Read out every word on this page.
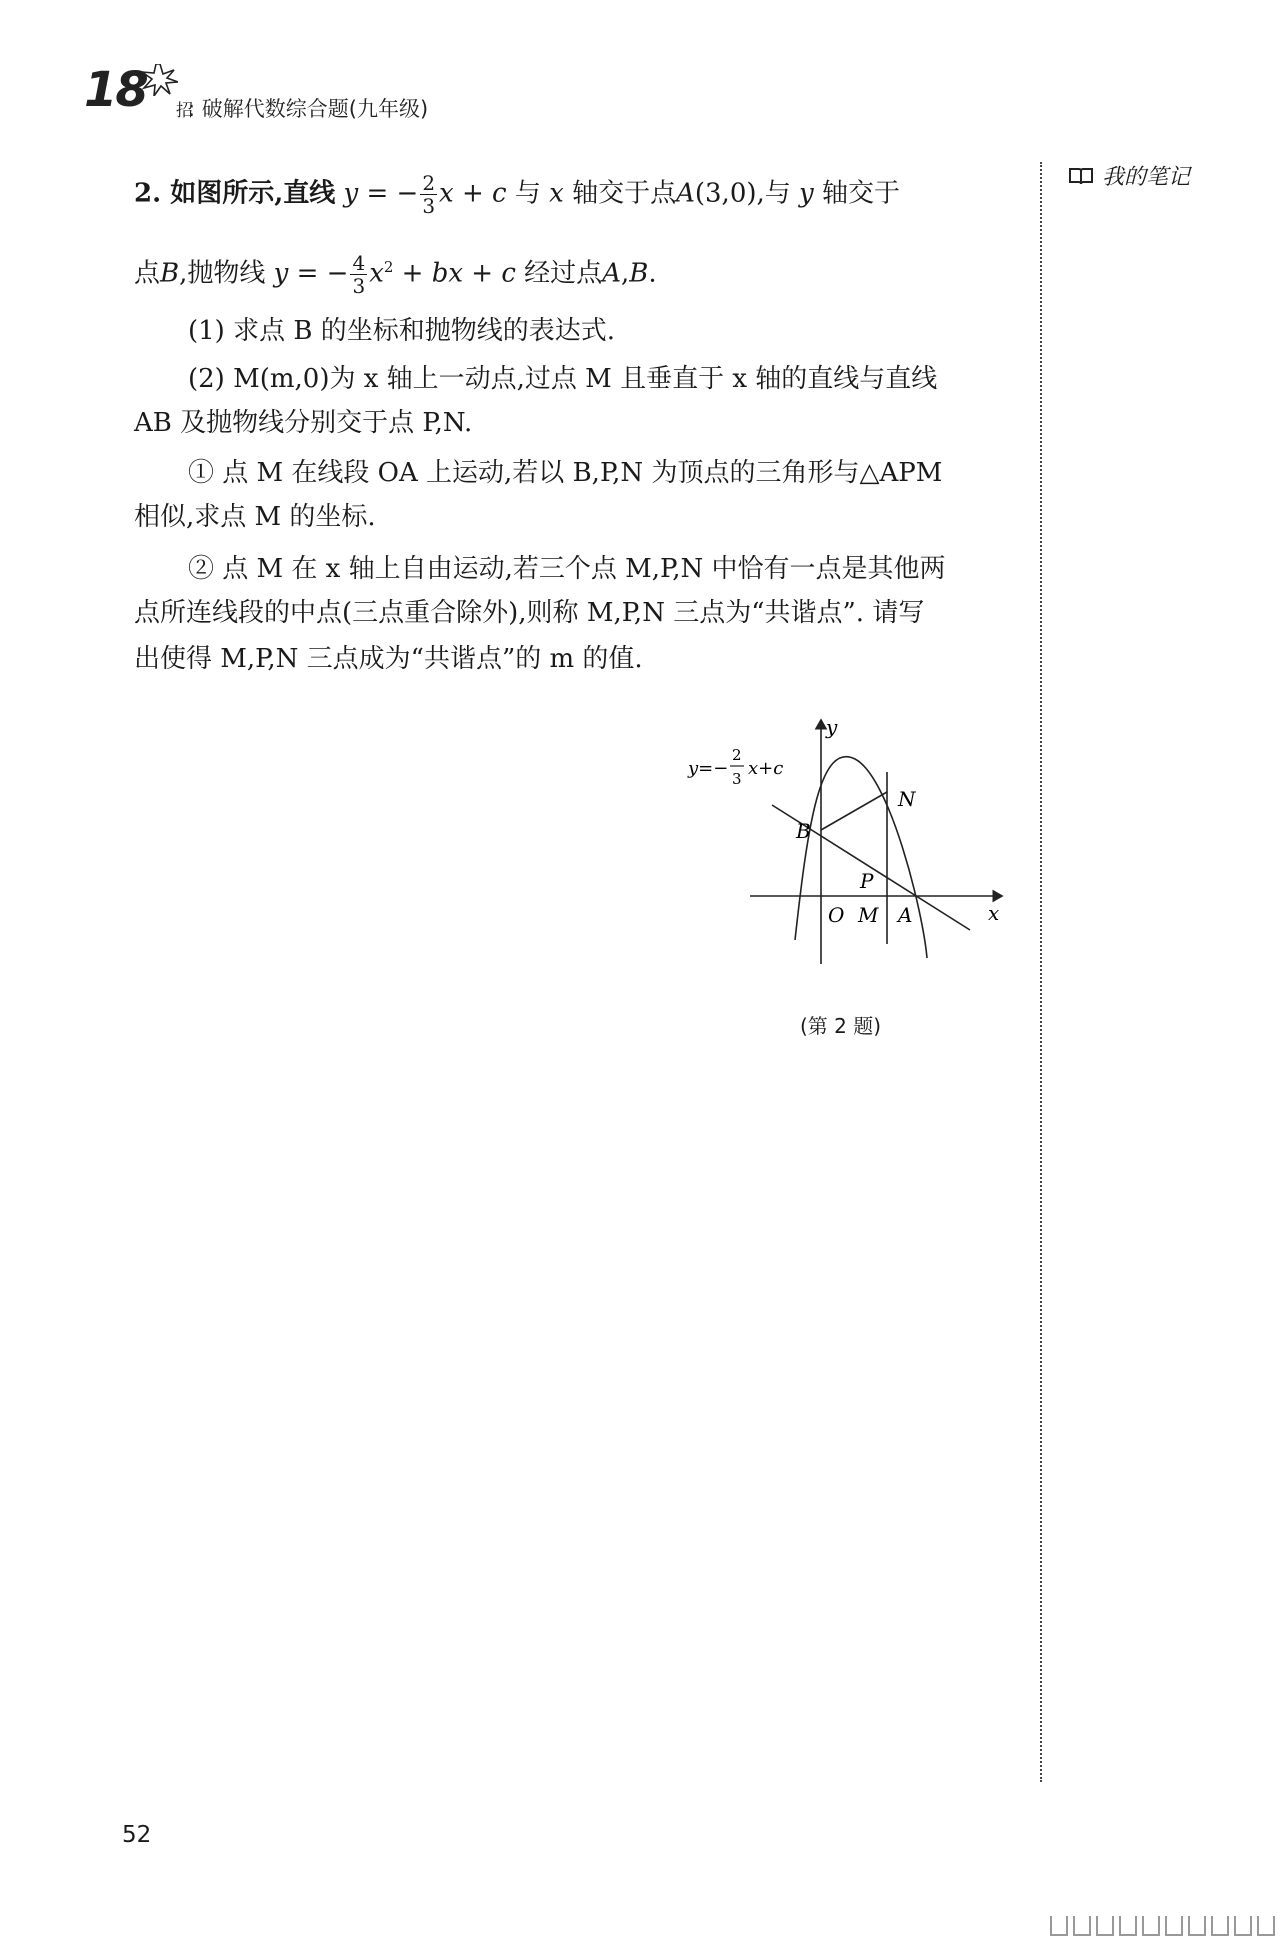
18 招
: 破解代数综合题(九年级)
我的笔记
2. 如图所示,直线 y = − $\frac{2}{3}$ x + c 与 x 轴交于点A(3,0),与 y 轴交于
点B,抛物线 y = − $\frac{4}{3} x^2$ + bx + c 经过点A,B.
(1) 求点 B 的坐标和抛物线的表达式.
(2) M(m,0)为 x 轴上一动点,过点 M 且垂直于 x 轴的直线与直线
AB 及抛物线分别交于点 P,N.
① 点 M 在线段 OA 上运动,若以 B,P,N 为顶点的三角形与△APM
相似,求点 M 的坐标.
② 点 M 在 x 轴上自由运动,若三个点 M,P,N 中恰有一点是其他两
点所连线段的中点(三点重合除外),则称 M,P,N 三点为“共谐点”. 请写
出使得 M,P,N 三点成为“共谐点”的 m 的值.
y
x
N
B
P
O M A
y=−
2
3 x+c
(第 2 题)
52
